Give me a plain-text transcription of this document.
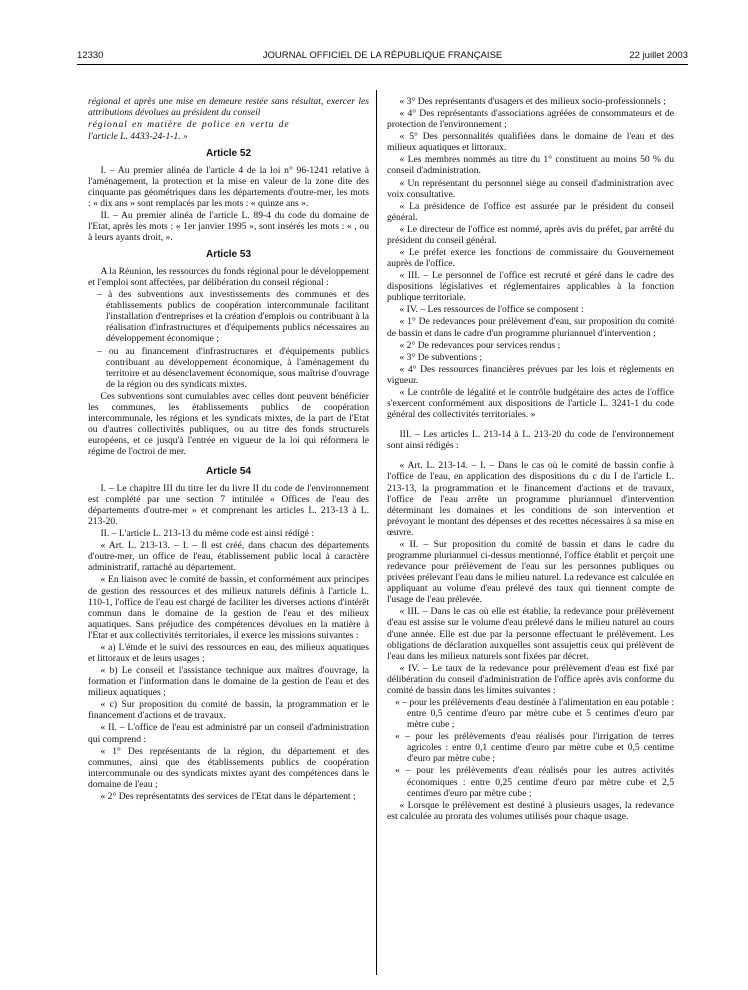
12330	JOURNAL OFFICIEL DE LA RÉPUBLIQUE FRANÇAISE	22 juillet 2003

régional et après une mise en demeure restée sans résultat, exercer les attributions dévolues au président du conseil

régional en matière de police en vertu de

l'article L. 4433-24-1-1. »

Article 52

I. – Au premier alinéa de l'article 4 de la loi n° 96-1241 relative à l'aménagement, la protection et la mise en valeur de la zone dite des cinquante pas géométriques dans les départements d'outre-mer, les mots : « dix ans » sont remplacés par les mots : « quinze ans ».

II. – Au premier alinéa de l'article L. 89-4 du code du domaine de l'Etat, après les mots : « 1er janvier 1995 », sont insérés les mots : « , ou à leurs ayants droit, ».

Article 53

A la Réunion, les ressources du fonds régional pour le développement et l'emploi sont affectées, par délibération du conseil régional :

– à des subventions aux investissements des communes et des établissements publics de coopération intercommunale facilitant l'installation d'entreprises et la création d'emplois ou contribuant à la réalisation d'infrastructures et d'équipements publics nécessaires au développement économique ;

– ou au financement d'infrastructures et d'équipements publics contribuant au développement économique, à l'aménagement du territoire et au désenclavement économique, sous maîtrise d'ouvrage de la région ou des syndicats mixtes.

Ces subventions sont cumulables avec celles dont peuvent bénéficier les communes, les établissements publics de coopération intercommunale, les régions et les syndicats mixtes, de la part de l'Etat ou d'autres collectivités publiques, ou au titre des fonds structurels européens, et ce jusqu'à l'entrée en vigueur de la loi qui réformera le régime de l'octroi de mer.

Article 54

I. – Le chapitre III du titre Ier du livre II du code de l'environnement est complété par une section 7 intitulée « Offices de l'eau des départements d'outre-mer » et comprenant les articles L. 213-13 à L. 213-20.

II. – L'article L. 213-13 du même code est ainsi rédigé :

« Art. L. 213-13. – I. – Il est créé, dans chacun des départements d'outre-mer, un office de l'eau, établissement public local à caractère administratif, rattaché au département.

« En liaison avec le comité de bassin, et conformément aux principes de gestion des ressources et des milieux naturels définis à l'article L. 110-1, l'office de l'eau est chargé de faciliter les diverses actions d'intérêt commun dans le domaine de la gestion de l'eau et des milieux aquatiques. Sans préjudice des compétences dévolues en la matière à l'Etat et aux collectivités territoriales, il exerce les missions suivantes :

« a) L'étude et le suivi des ressources en eau, des milieux aquatiques et littoraux et de leurs usages ;

« b) Le conseil et l'assistance technique aux maîtres d'ouvrage, la formation et l'information dans le domaine de la gestion de l'eau et des milieux aquatiques ;

« c) Sur proposition du comité de bassin, la programmation et le financement d'actions et de travaux.

« II. – L'office de l'eau est administré par un conseil d'administration qui comprend :

« 1° Des représentants de la région, du département et des communes, ainsi que des établissements publics de coopération intercommunale ou des syndicats mixtes ayant des compétences dans le domaine de l'eau ;

« 2° Des représentatnts des services de l'Etat dans le département ;

« 3° Des représentants d'usagers et des milieux socio-professionnels ;

« 4° Des représentants d'associations agréées de consommateurs et de protection de l'environnement ;

« 5° Des personnalités qualifiées dans le domaine de l'eau et des milieux aquatiques et littoraux.

« Les membres nommés au titre du 1° constituent au moins 50 % du conseil d'administration.

« Un représentant du personnel siège au conseil d'administration avec voix consultative.

« La présidence de l'office est assurée par le président du conseil général.

« Le directeur de l'office est nommé, après avis du préfet, par arrêté du président du conseil général.

« Le préfet exerce les fonctions de commissaire du Gouvernement auprès de l'office.

« III. – Le personnel de l'office est recruté et géré dans le cadre des dispositions législatives et réglementaires applicables à la fonction publique territoriale.

« IV. – Les ressources de l'office se composent :

« 1° De redevances pour prélèvement d'eau, sur proposition du comité de bassin et dans le cadre d'un programme pluriannuel d'intervention ;

« 2° De redevances pour services rendus ;

« 3° De subventions ;

« 4° Des ressources financières prévues par les lois et règlements en vigueur.

« Le contrôle de légalité et le contrôle budgétaire des actes de l'office s'exercent conformément aux dispositions de l'article L. 3241-1 du code général des collectivités territoriales. »

III. – Les articles L. 213-14 à L. 213-20 du code de l'environnement sont ainsi rédigés :

« Art. L. 213-14. – I. – Dans le cas où le comité de bassin confie à l'office de l'eau, en application des dispositions du c du I de l'article L. 213-13, la programmation et le financement d'actions et de travaux, l'office de l'eau arrête un programme pluriannuel d'intervention déterminant les domaines et les conditions de son intervention et prévoyant le montant des dépenses et des recettes nécessaires à sa mise en œuvre.

« II. – Sur proposition du comité de bassin et dans le cadre du programme pluriannuel ci-dessus mentionné, l'office établit et perçoit une redevance pour prélèvement de l'eau sur les personnes publiques ou privées prélevant l'eau dans le milieu naturel. La redevance est calculée en appliquant au volume d'eau prélevé des taux qui tiennent compte de l'usage de l'eau prélevée.

« III. – Dans le cas où elle est établie, la redevance pour prélèvement d'eau est assise sur le volume d'eau prélevé dans le milieu naturel au cours d'une année. Elle est due par la personne effectuant le prélèvement. Les obligations de déclaration auxquelles sont assujettis ceux qui prélèvent de l'eau dans les milieux naturels sont fixées par décret.

« IV. – Le taux de la redevance pour prélèvement d'eau est fixé par délibération du conseil d'administration de l'office après avis conforme du comité de bassin dans les limites suivantes :

« – pour les prélèvements d'eau destinée à l'alimentation en eau potable : entre 0,5 centime d'euro par mètre cube et 5 centimes d'euro par mètre cube ;

« – pour les prélèvements d'eau réalisés pour l'irrigation de terres agricoles : entre 0,1 centime d'euro par mètre cube et 0,5 centime d'euro par mètre cube ;

« – pour les prélèvements d'eau réalisés pour les autres activités économiques : entre 0,25 centime d'euro par mètre cube et 2,5 centimes d'euro par mètre cube ;

« Lorsque le prélèvement est destiné à plusieurs usages, la redevance est calculée au prorata des volumes utilisés pour chaque usage.
